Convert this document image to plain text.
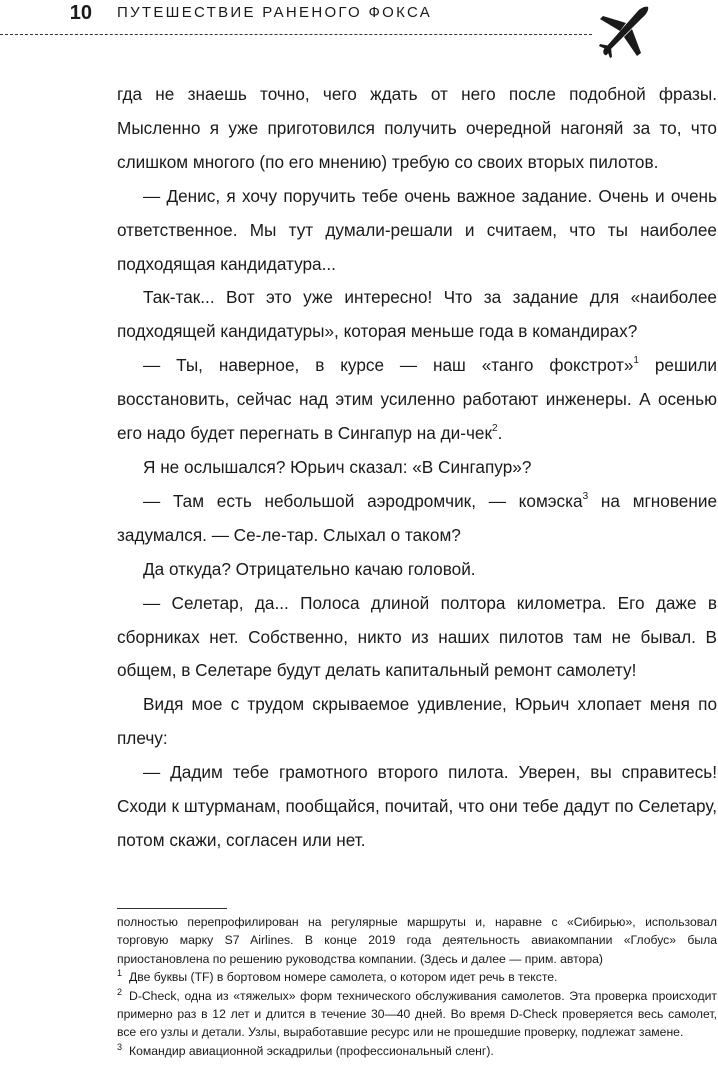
10 ПУТЕШЕСТВИЕ РАНЕНОГО ФОКСА

гда не знаешь точно, чего ждать от него после подобной фразы. Мысленно я уже приготовился получить очередной нагоняй за то, что слишком многого (по его мнению) требую со своих вторых пилотов.

— Денис, я хочу поручить тебе очень важное задание. Очень и очень ответственное. Мы тут думали-решали и считаем, что ты наиболее подходящая кандидатура...

Так-так... Вот это уже интересно! Что за задание для «наиболее подходящей кандидатуры», которая меньше года в командирах?

— Ты, наверное, в курсе — наш «танго фокстрот»$^1$ решили восстановить, сейчас над этим усиленно работают инженеры. А осенью его надо будет перегнать в Сингапур на ди-чек$^2$.

Я не ослышался? Юрьич сказал: «В Сингапур»?

— Там есть небольшой аэродромчик, — комэска$^3$ на мгновение задумался. — Се-ле-тар. Слыхал о таком?

Да откуда? Отрицательно качаю головой.

— Селетар, да... Полоса длиной полтора километра. Его даже в сборниках нет. Собственно, никто из наших пилотов там не бывал. В общем, в Селетаре будут делать капитальный ремонт самолету!

Видя мое с трудом скрываемое удивление, Юрьич хлопает меня по плечу:

— Дадим тебе грамотного второго пилота. Уверен, вы справитесь! Сходи к штурманам, пообщайся, почитай, что они тебе дадут по Селетару, потом скажи, согласен или нет.

полностью перепрофилирован на регулярные маршруты и, наравне с «Сибирью», использовал торговую марку S7 Airlines. В конце 2019 года деятельность авиакомпании «Глобус» была приостановлена по решению руководства компании. (Здесь и далее — прим. автора)

$^1$ Две буквы (TF) в бортовом номере самолета, о котором идет речь в тексте.

$^2$ D-Check, одна из «тяжелых» форм технического обслуживания самолетов. Эта проверка происходит примерно раз в 12 лет и длится в течение 30—40 дней. Во время D-Check проверяется весь самолет, все его узлы и детали. Узлы, выработавшие ресурс или не прошедшие проверку, подлежат замене.

$^3$ Командир авиационной эскадрильи (профессиональный сленг).
